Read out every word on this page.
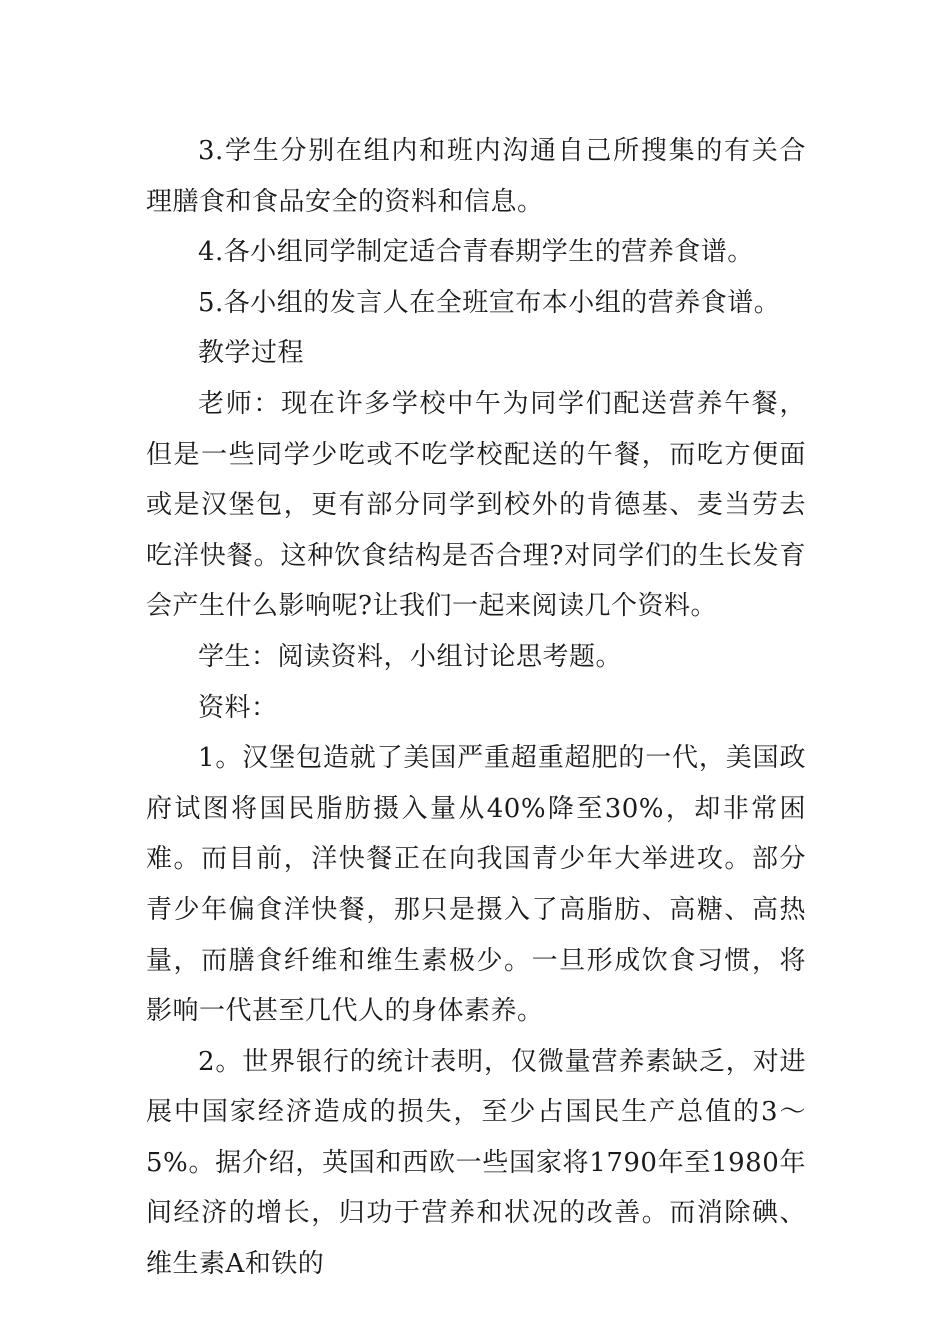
3.学生分别在组内和班内沟通自己所搜集的有关合理膳食和食品安全的资料和信息。

4.各小组同学制定适合青春期学生的营养食谱。

5.各小组的发言人在全班宣布本小组的营养食谱。

教学过程

老师：现在许多学校中午为同学们配送营养午餐，但是一些同学少吃或不吃学校配送的午餐，而吃方便面或是汉堡包，更有部分同学到校外的肯德基、麦当劳去吃洋快餐。这种饮食结构是否合理?对同学们的生长发育会产生什么影响呢?让我们一起来阅读几个资料。

学生：阅读资料，小组讨论思考题。

资料：

1。汉堡包造就了美国严重超重超肥的一代，美国政府试图将国民脂肪摄入量从40%降至30%，却非常困难。而目前，洋快餐正在向我国青少年大举进攻。部分青少年偏食洋快餐，那只是摄入了高脂肪、高糖、高热量，而膳食纤维和维生素极少。一旦形成饮食习惯，将影响一代甚至几代人的身体素养。

2。世界银行的统计表明，仅微量营养素缺乏，对进展中国家经济造成的损失，至少占国民生产总值的3～5%。据介绍，英国和西欧一些国家将1790年至1980年间经济的增长，归功于营养和状况的改善。而消除碘、维生素A和铁的
